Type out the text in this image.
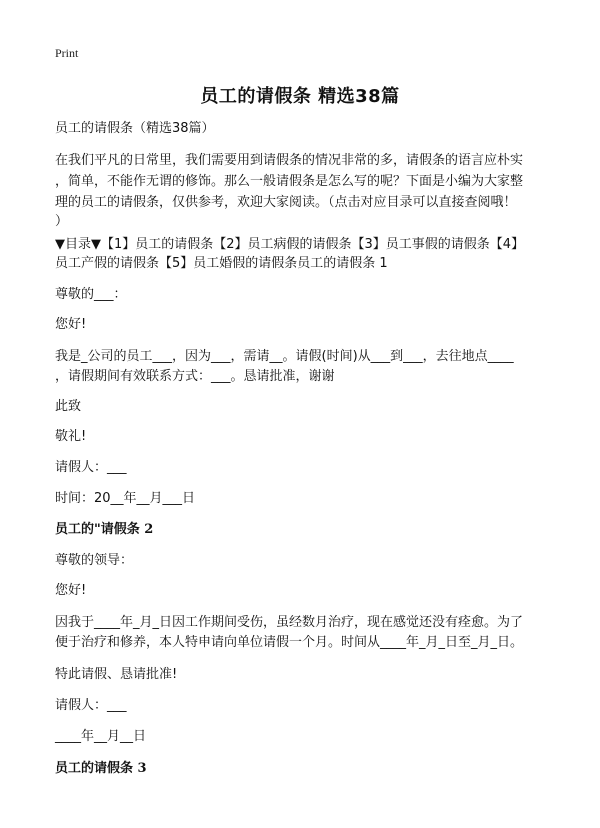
Print
员工的请假条 精选38篇
员工的请假条（精选38篇）
在我们平凡的日常里，我们需要用到请假条的情况非常的多，请假条的语言应朴实
，简单，不能作无谓的修饰。那么一般请假条是怎么写的呢？下面是小编为大家整
理的员工的请假条，仅供参考，欢迎大家阅读。（点击对应目录可以直接查阅哦！
）
▼目录▼【1】员工的请假条【2】员工病假的请假条【3】员工事假的请假条【4】
员工产假的请假条【5】员工婚假的请假条员工的请假条 1
尊敬的___：
您好!
我是_公司的员工___，因为___，需请__。请假(时间)从___到___，去往地点____
，请假期间有效联系方式：___。恳请批准，谢谢
此致
敬礼!
请假人：___
时间：20__年__月___日
员工的"请假条 2
尊敬的领导：
您好!
因我于____年_月_日因工作期间受伤，虽经数月治疗，现在感觉还没有痊愈。为了
便于治疗和修养，本人特申请向单位请假一个月。时间从____年_月_日至_月_日。
特此请假、恳请批准!
请假人：___
____年__月__日
员工的请假条 3
